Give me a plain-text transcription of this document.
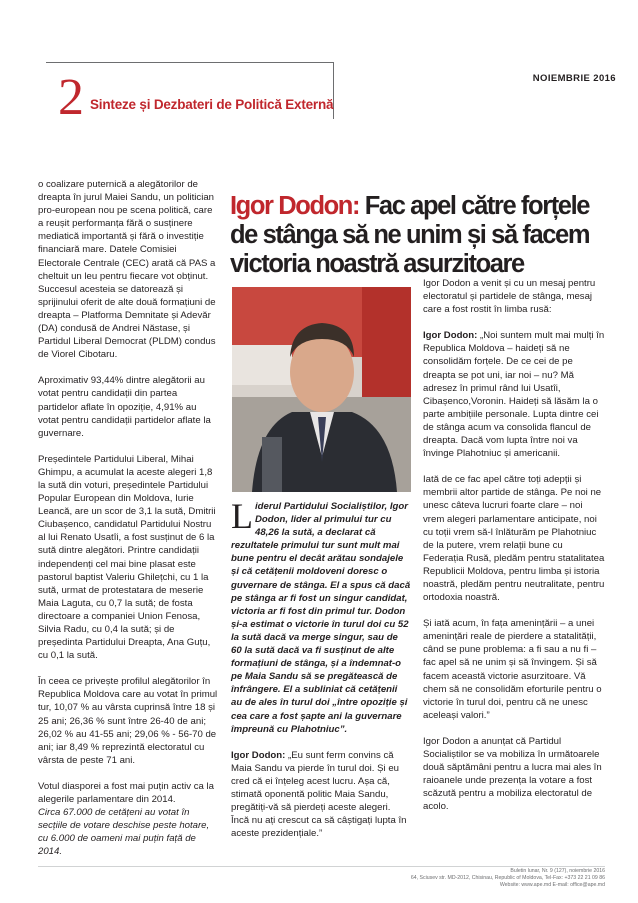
NOIEMBRIE 2016
2 Sinteze și Dezbateri de Politică Externă

o coalizare puternică a alegătorilor de dreapta în jurul Maiei Sandu, un politician pro-european nou pe scena politică, care a reușit performanța fără o susținere mediatică importantă și fără o investiție financiară mare. Datele Comisiei Electorale Centrale (CEC) arată că PAS a cheltuit un leu pentru fiecare vot obținut. Succesul acesteia se datorează și sprijinului oferit de alte două formațiuni de dreapta – Platforma Demnitate și Adevăr (DA) condusă de Andrei Năstase, și Partidul Liberal Democrat (PLDM) condus de Viorel Cibotaru.

Aproximativ 93,44% dintre alegătorii au votat pentru candidații din partea partidelor aflate în opoziție, 4,91% au votat pentru candidații partidelor aflate la guvernare.

Președintele Partidului Liberal, Mihai Ghimpu, a acumulat la aceste alegeri 1,8 la sută din voturi, președintele Partidului Popular European din Moldova, Iurie Leancă, are un scor de 3,1 la sută, Dmitrii Ciubașenco, candidatul Partidului Nostru al lui Renato Usatîi, a fost susținut de 6 la sută dintre alegători. Printre candidații independenți cel mai bine plasat este pastorul baptist Valeriu Ghilețchi, cu 1 la sută, urmat de protestatara de meserie Maia Laguta, cu 0,7 la sută; de fosta directoare a companiei Union Fenosa, Silvia Radu, cu 0,4 la sută; și de președinta Partidului Dreapta, Ana Guțu, cu 0,1 la sută.

În ceea ce privește profilul alegătorilor în Republica Moldova care au votat în primul tur, 10,07 % au vârsta cuprinsă între 18 și 25 ani; 26,36 % sunt între 26-40 de ani; 26,02 % au 41-55 ani; 29,06 % - 56-70 de ani; iar 8,49 % reprezintă electoratul cu vârsta de peste 71 ani.

Votul diasporei a fost mai puțin activ ca la alegerile parlamentare din 2014.

Circa 67.000 de cetățeni au votat în secțiile de votare deschise peste hotare, cu 6.000 de oameni mai puțin față de 2014.

Igor Dodon: Fac apel către forțele de stânga să ne unim și să facem victoria noastră asurzitoare

Liderul Partidului Socialiștilor, Igor Dodon, lider al primului tur cu 48,26 la sută, a declarat că rezultatele primului tur sunt mult mai bune pentru el decât arătau sondajele și că cetățenii moldoveni doresc o guvernare de stânga. El a spus că dacă pe stânga ar fi fost un singur candidat, victoria ar fi fost din primul tur. Dodon și-a estimat o victorie în turul doi cu 52 la sută dacă va merge singur, sau de 60 la sută dacă va fi susținut de alte formațiuni de stânga, și a îndemnat-o pe Maia Sandu să se pregătească de înfrângere. El a subliniat că cetățenii au de ales în turul doi „între opoziție și cea care a fost șapte ani la guvernare împreună cu Plahotniuc”.

Igor Dodon: „Eu sunt ferm convins că Maia Sandu va pierde în turul doi. Și eu cred că ei înțeleg acest lucru. Așa că, stimată oponentă politic Maia Sandu, pregătiți-vă să pierdeți aceste alegeri. Încă nu ați crescut ca să câștigați lupta în aceste prezidențiale.”

Igor Dodon a venit și cu un mesaj pentru electoratul și partidele de stânga, mesaj care a fost rostit în limba rusă:

Igor Dodon: „Noi suntem mult mai mulți în Republica Moldova – haideți să ne consolidăm forțele. De ce cei de pe dreapta se pot uni, iar noi – nu? Mă adresez în primul rând lui Usatîi, Cibașenco,Voronin. Haideți să lăsăm la o parte ambițiile personale. Lupta dintre cei de stânga acum va consolida flancul de dreapta. Dacă vom lupta între noi va învinge Plahotniuc și americanii.

Iată de ce fac apel către toți adepții și membrii altor partide de stânga. Pe noi ne unesc câteva lucruri foarte clare – noi vrem alegeri parlamentare anticipate, noi cu toții vrem să-l înlăturăm pe Plahotniuc de la putere, vrem relații bune cu Federația Rusă, pledăm pentru statalitatea Republicii Moldova, pentru limba și istoria noastră, pledăm pentru neutralitate, pentru ortodoxia noastră.

Și iată acum, în fața amenințării – a unei amenințări reale de pierdere a statalității, când se pune problema: a fi sau a nu fi – fac apel să ne unim și să învingem. Și să facem această victorie asurzitoare. Vă chem să ne consolidăm eforturile pentru o victorie în turul doi, pentru că ne unesc aceleași valori.”

Igor Dodon a anunțat că Partidul Socialiștilor se va mobiliza în următoarele două săptămâni pentru a lucra mai ales în raioanele unde prezența la votare a fost scăzută pentru a mobiliza electoratul de acolo.

Buletin lunar, Nr. 9 (127), noiembrie 2016
64, Sciusev str. MD-2012, Chisinau, Republic of Moldova, Tel-Fax: +373 22 21 09 86
Website: www.ape.md E-mail: office@ape.md
